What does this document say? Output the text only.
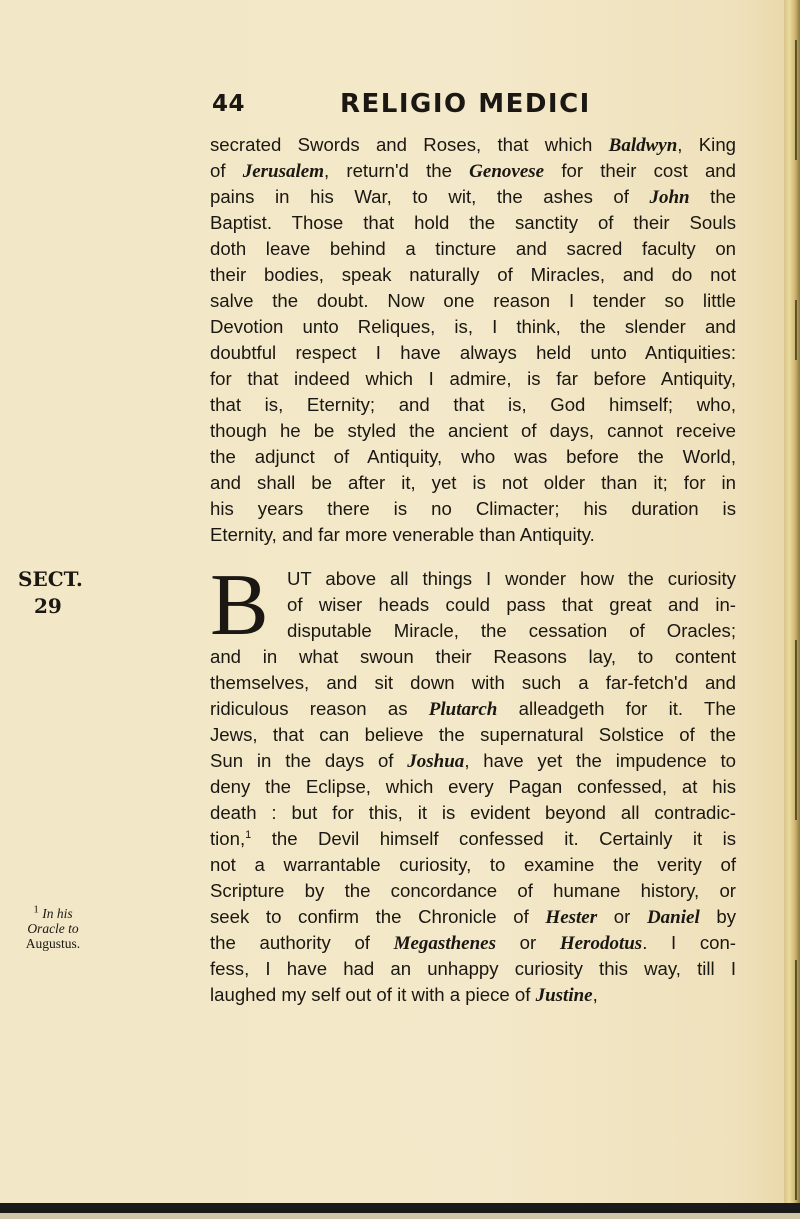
44	RELIGIO MEDICI
SECT.
29
$^1$ In his
Oracle to
Augustus.
B
secrated Swords and Roses, that which Baldwyn, King
of Jerusalem, return'd the Genovese for their cost and
pains in his War, to wit, the ashes of John the
Baptist. Those that hold the sanctity of their Souls
doth leave behind a tincture and sacred faculty on
their bodies, speak naturally of Miracles, and do not
salve the doubt. Now one reason I tender so little
Devotion unto Reliques, is, I think, the slender and
doubtful respect I have always held unto Antiquities:
for that indeed which I admire, is far before Antiquity,
that is, Eternity; and that is, God himself; who,
though he be styled the ancient of days, cannot receive
the adjunct of Antiquity, who was before the World,
and shall be after it, yet is not older than it; for in
his years there is no Climacter; his duration is
Eternity, and far more venerable than Antiquity.
UT above all things I wonder how the curiosity
of wiser heads could pass that great and in-
disputable Miracle, the cessation of Oracles;
and in what swoun their Reasons lay, to content
themselves, and sit down with such a far-fetch'd and
ridiculous reason as Plutarch alleadgeth for it. The
Jews, that can believe the supernatural Solstice of the
Sun in the days of Joshua, have yet the impudence to
deny the Eclipse, which every Pagan confessed, at his
death : but for this, it is evident beyond all contradic-
tion,$^1$ the Devil himself confessed it. Certainly it is
not a warrantable curiosity, to examine the verity of
Scripture by the concordance of humane history, or
seek to confirm the Chronicle of Hester or Daniel by
the authority of Megasthenes or Herodotus. I con-
fess, I have had an unhappy curiosity this way, till I
laughed my self out of it with a piece of Justine,
